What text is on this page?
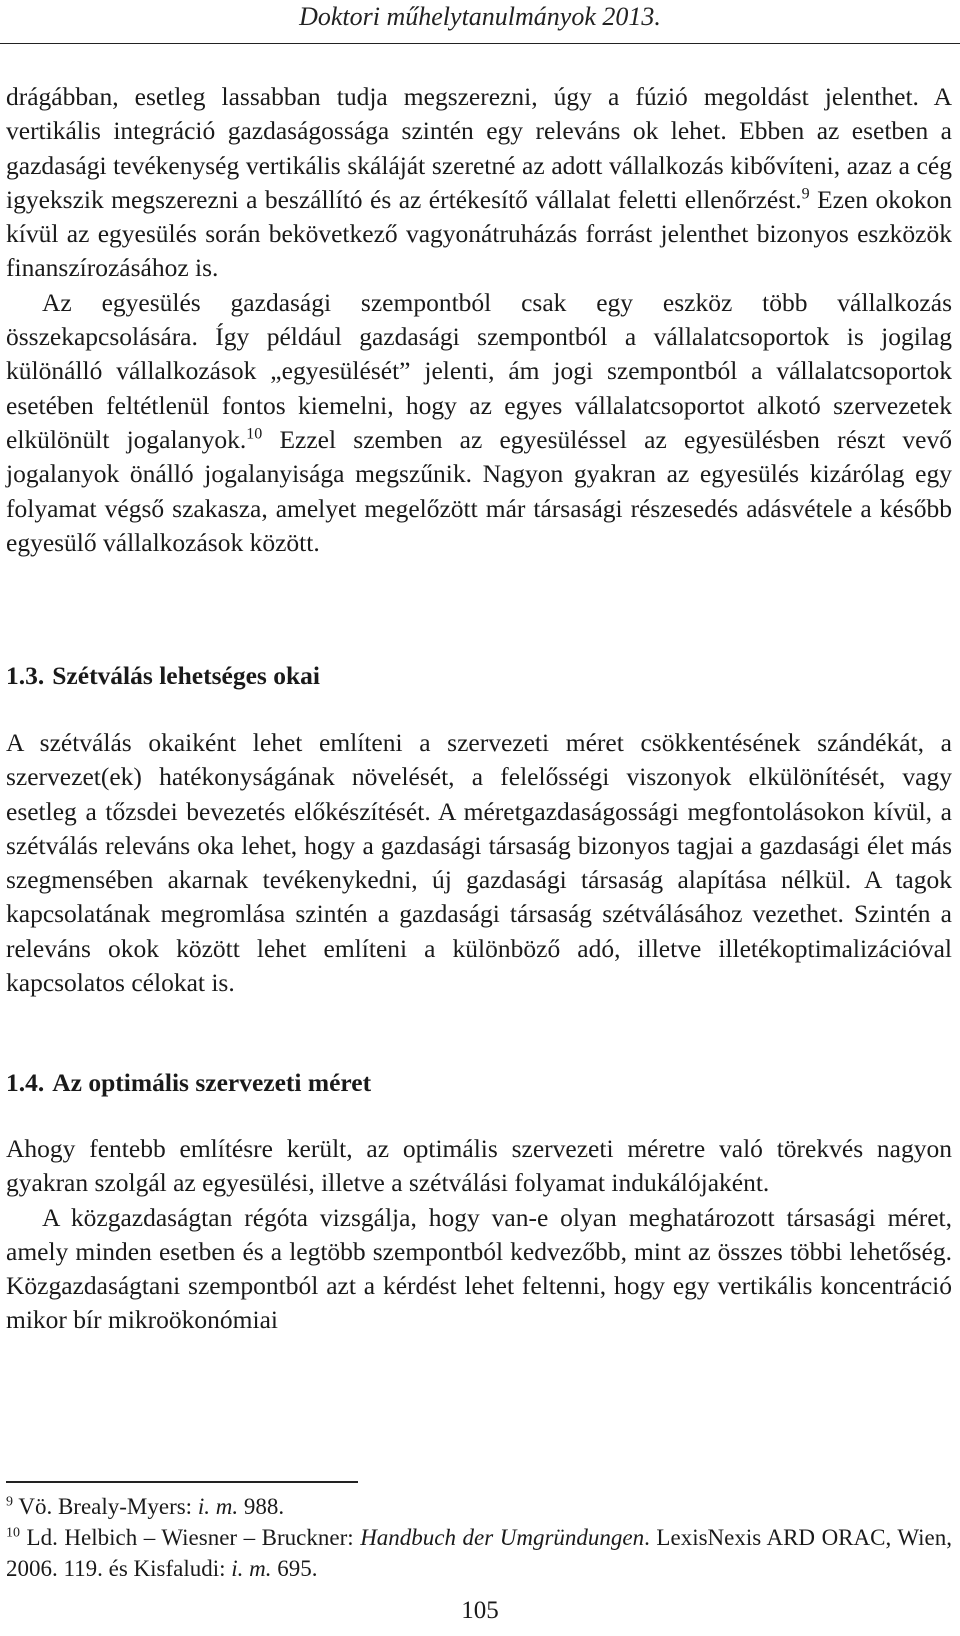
Doktori műhelytanulmányok 2013.

drágábban, esetleg lassabban tudja megszerezni, úgy a fúzió megoldást jelenthet. A vertikális integráció gazdaságossága szintén egy releváns ok lehet. Ebben az esetben a gazdasági tevékenység vertikális skáláját szeretné az adott vállalkozás kibővíteni, azaz a cég igyekszik megszerezni a beszállító és az értékesítő vállalat feletti ellenőrzést.$^9$ Ezen okokon kívül az egyesülés során bekövetkező vagyonátruházás forrást jelenthet bizonyos eszközök finanszírozásához is.

Az egyesülés gazdasági szempontból csak egy eszköz több vállalkozás összekapcsolására. Így például gazdasági szempontból a vállalatcsoportok is jogilag különálló vállalkozások „egyesülését” jelenti, ám jogi szempontból a vállalatcsoportok esetében feltétlenül fontos kiemelni, hogy az egyes vállalatcsoportot alkotó szervezetek elkülönült jogalanyok.$^{10}$ Ezzel szemben az egyesüléssel az egyesülésben részt vevő jogalanyok önálló jogalanyisága megszűnik. Nagyon gyakran az egyesülés kizárólag egy folyamat végső szakasza, amelyet megelőzött már társasági részesedés adásvétele a később egyesülő vállalkozások között.

1.3. Szétválás lehetséges okai

A szétválás okaiként lehet említeni a szervezeti méret csökkentésének szándékát, a szervezet(ek) hatékonyságának növelését, a felelősségi viszonyok elkülönítését, vagy esetleg a tőzsdei bevezetés előkészítését. A méretgazdaságossági megfontolásokon kívül, a szétválás releváns oka lehet, hogy a gazdasági társaság bizonyos tagjai a gazdasági élet más szegmensében akarnak tevékenykedni, új gazdasági társaság alapítása nélkül. A tagok kapcsolatának megromlása szintén a gazdasági társaság szétválásához vezethet. Szintén a releváns okok között lehet említeni a különböző adó, illetve illetékoptimalizációval kapcsolatos célokat is.

1.4. Az optimális szervezeti méret

Ahogy fentebb említésre került, az optimális szervezeti méretre való törekvés nagyon gyakran szolgál az egyesülési, illetve a szétválási folyamat indukálójaként.

A közgazdaságtan régóta vizsgálja, hogy van-e olyan meghatározott társasági méret, amely minden esetben és a legtöbb szempontból kedvezőbb, mint az összes többi lehetőség. Közgazdaságtani szempontból azt a kérdést lehet feltenni, hogy egy vertikális koncentráció mikor bír mikroökonómiai

$^9$ Vö. Brealy-Myers: i. m. 988.

$^{10}$ Ld. Helbich – Wiesner – Bruckner: Handbuch der Umgründungen. LexisNexis ARD ORAC, Wien, 2006. 119. és Kisfaludi: i. m. 695.

105
